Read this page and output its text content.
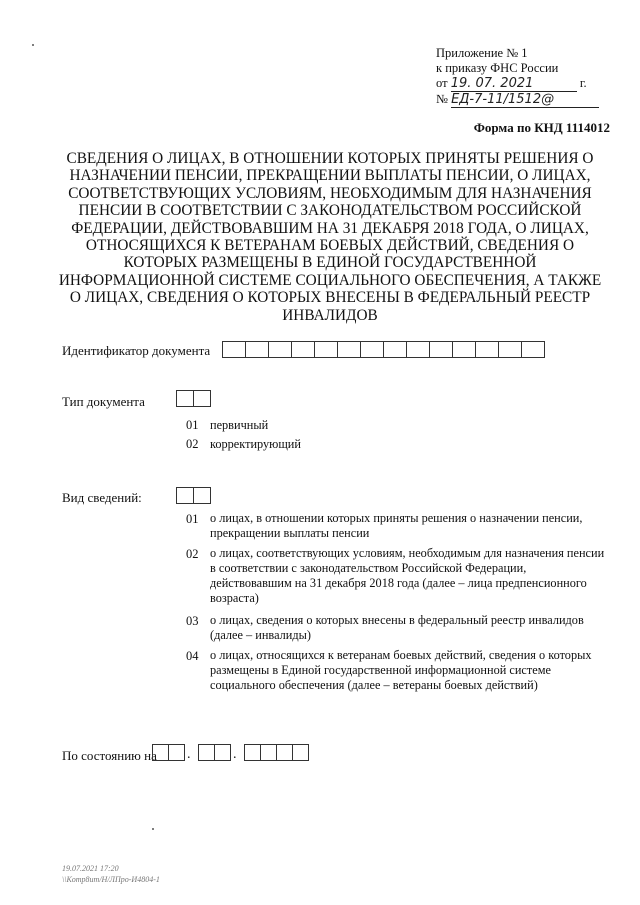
Приложение № 1
к приказу ФНС России
от 19. 07. 2021	г.
№ ЕД-7-11/1512@
Форма по КНД 1114012
СВЕДЕНИЯ О ЛИЦАХ, В ОТНОШЕНИИ КОТОРЫХ ПРИНЯТЫ РЕШЕНИЯ О НАЗНАЧЕНИИ ПЕНСИИ, ПРЕКРАЩЕНИИ ВЫПЛАТЫ ПЕНСИИ, О ЛИЦАХ, СООТВЕТСТВУЮЩИХ УСЛОВИЯМ, НЕОБХОДИМЫМ ДЛЯ НАЗНАЧЕНИЯ ПЕНСИИ В СООТВЕТСТВИИ С ЗАКОНОДАТЕЛЬСТВОМ РОССИЙСКОЙ ФЕДЕРАЦИИ, ДЕЙСТВОВАВШИМ НА 31 ДЕКАБРЯ 2018 ГОДА, О ЛИЦАХ, ОТНОСЯЩИХСЯ К ВЕТЕРАНАМ БОЕВЫХ ДЕЙСТВИЙ, СВЕДЕНИЯ О КОТОРЫХ РАЗМЕЩЕНЫ В ЕДИНОЙ ГОСУДАРСТВЕННОЙ ИНФОРМАЦИОННОЙ СИСТЕМЕ СОЦИАЛЬНОГО ОБЕСПЕЧЕНИЯ, А ТАКЖЕ О ЛИЦАХ, СВЕДЕНИЯ О КОТОРЫХ ВНЕСЕНЫ В ФЕДЕРАЛЬНЫЙ РЕЕСТР ИНВАЛИДОВ
Идентификатор документа
Тип документа
01 первичный
02 корректирующий
Вид сведений:
01 о лицах, в отношении которых приняты решения о назначении пенсии, прекращении выплаты пенсии
02 о лицах, соответствующих условиям, необходимым для назначения пенсии в соответствии с законодательством Российской Федерации, действовавшим на 31 декабря 2018 года (далее – лица предпенсионного возраста)
03 о лицах, сведения о которых внесены в федеральный реестр инвалидов (далее – инвалиды)
04 о лицах, относящихся к ветеранам боевых действий, сведения о которых размещены в Единой государственной информационной системе социального обеспечения (далее – ветераны боевых действий)
По состоянию на .	.
19.07.2021 17:20
\\Komp8um/Н/ЛПро-И4804-1
